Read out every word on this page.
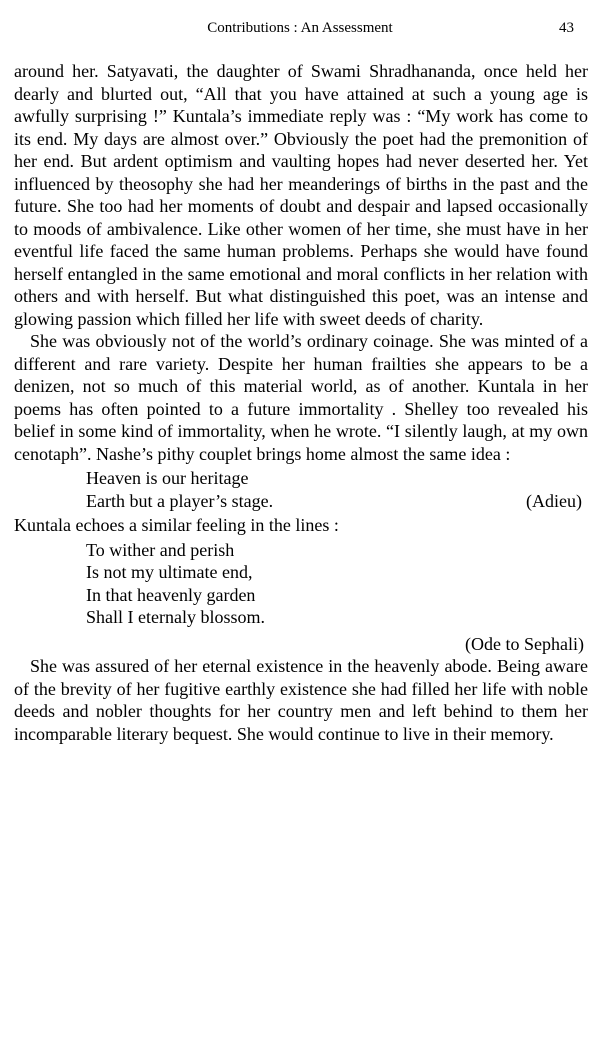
Contributions : An Assessment	43

around her. Satyavati, the daughter of Swami Shradhananda, once held her dearly and blurted out, “All that you have attained at such a young age is awfully surprising !” Kuntala’s immediate reply was : “My work has come to its end. My days are almost over.” Obviously the poet had the premonition of her end. But ardent optimism and vaulting hopes had never deserted her. Yet influenced by theosophy she had her meanderings of births in the past and the future. She too had her moments of doubt and despair and lapsed occasionally to moods of ambivalence. Like other women of her time, she must have in her eventful life faced the same human problems. Perhaps she would have found herself entangled in the same emotional and moral conflicts in her relation with others and with herself. But what distinguished this poet, was an intense and glowing passion which filled her life with sweet deeds of charity.

She was obviously not of the world’s ordinary coinage. She was minted of a different and rare variety. Despite her human frailties she appears to be a denizen, not so much of this material world, as of another. Kuntala in her poems has often pointed to a future immortality . Shelley too revealed his belief in some kind of immortality, when he wrote. “I silently laugh, at my own cenotaph”. Nashe’s pithy couplet brings home almost the same idea :

Heaven is our heritage
Earth but a player’s stage.	(Adieu)

Kuntala echoes a similar feeling in the lines :

To wither and perish
Is not my ultimate end,
In that heavenly garden
Shall I eternaly blossom.
(Ode to Sephali)

She was assured of her eternal existence in the heavenly abode. Being aware of the brevity of her fugitive earthly existence she had filled her life with noble deeds and nobler thoughts for her country men and left behind to them her incomparable literary bequest. She would continue to live in their memory.
